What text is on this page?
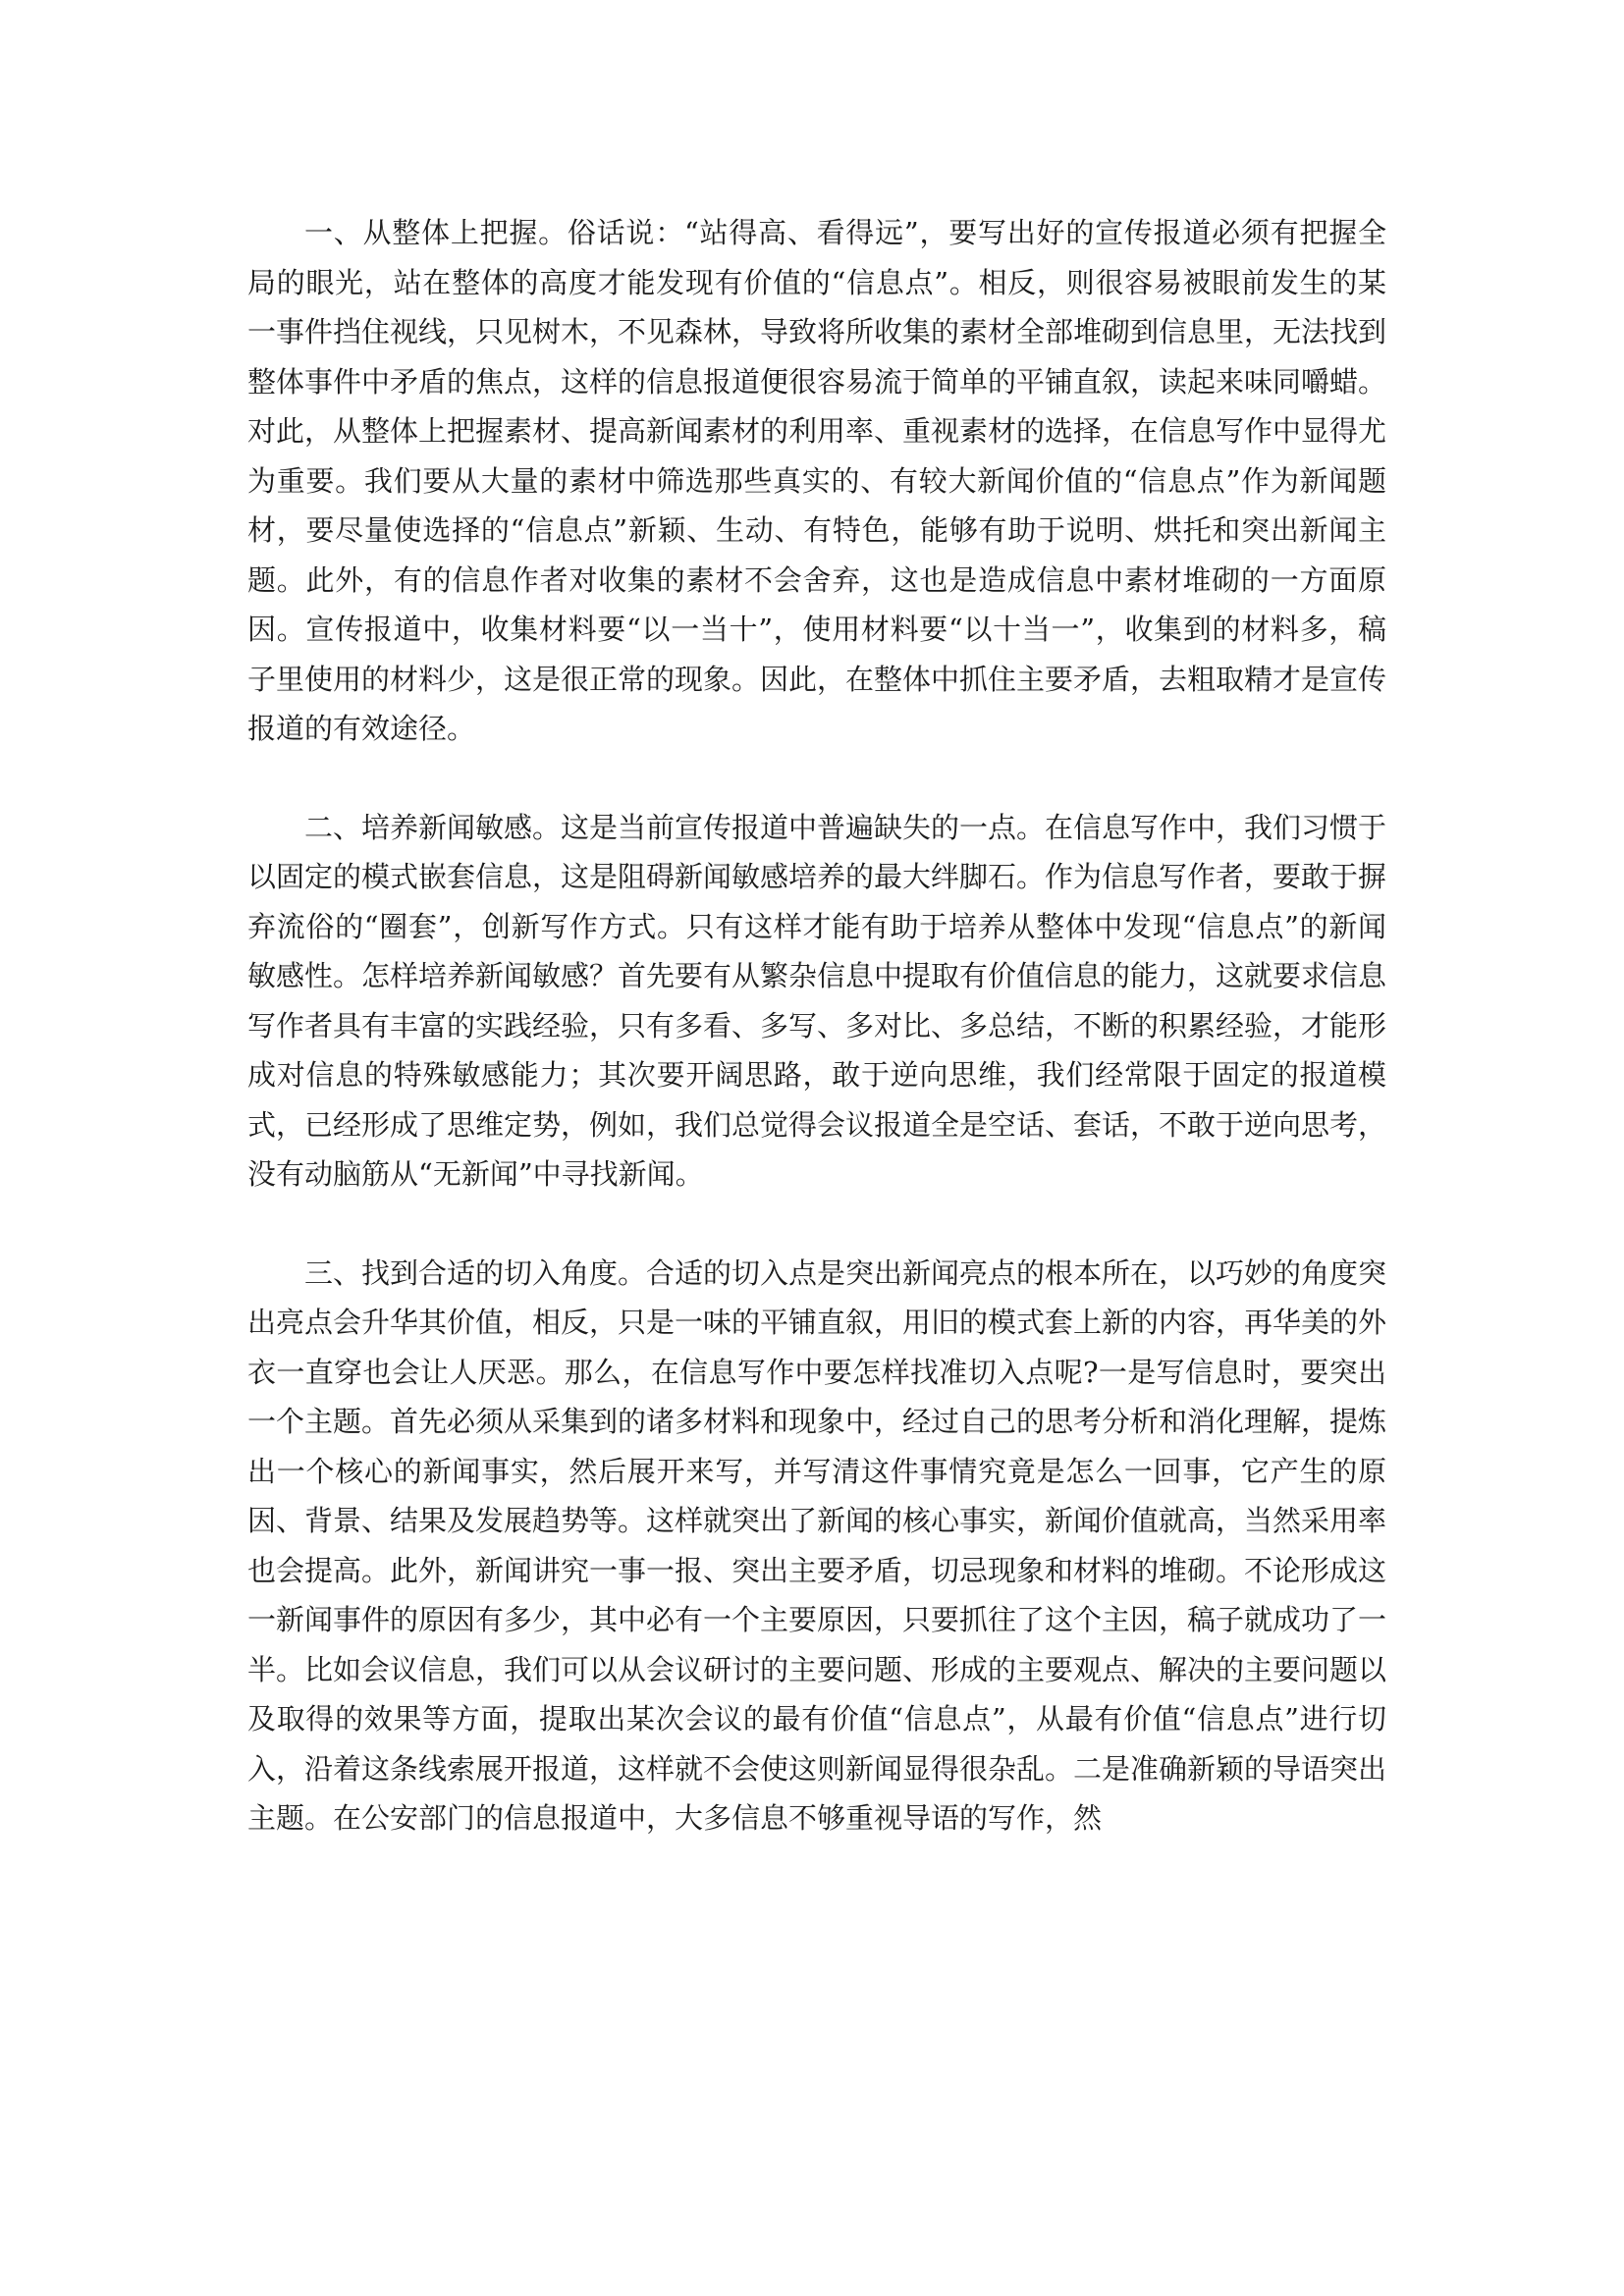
一、从整体上把握。俗话说：“站得高、看得远”，要写出好的宣传报道必须有把握全局的眼光，站在整体的高度才能发现有价值的“信息点”。相反，则很容易被眼前发生的某一事件挡住视线，只见树木，不见森林，导致将所收集的素材全部堆砌到信息里，无法找到整体事件中矛盾的焦点，这样的信息报道便很容易流于简单的平铺直叙，读起来味同嚼蜡。对此，从整体上把握素材、提高新闻素材的利用率、重视素材的选择，在信息写作中显得尤为重要。我们要从大量的素材中筛选那些真实的、有较大新闻价值的“信息点”作为新闻题材，要尽量使选择的“信息点”新颖、生动、有特色，能够有助于说明、烘托和突出新闻主题。此外，有的信息作者对收集的素材不会舍弃，这也是造成信息中素材堆砌的一方面原因。宣传报道中，收集材料要“以一当十”，使用材料要“以十当一”，收集到的材料多，稿子里使用的材料少，这是很正常的现象。因此，在整体中抓住主要矛盾，去粗取精才是宣传报道的有效途径。

二、培养新闻敏感。这是当前宣传报道中普遍缺失的一点。在信息写作中，我们习惯于以固定的模式嵌套信息，这是阻碍新闻敏感培养的最大绊脚石。作为信息写作者，要敢于摒弃流俗的“圈套”，创新写作方式。只有这样才能有助于培养从整体中发现“信息点”的新闻敏感性。怎样培养新闻敏感？首先要有从繁杂信息中提取有价值信息的能力，这就要求信息写作者具有丰富的实践经验，只有多看、多写、多对比、多总结，不断的积累经验，才能形成对信息的特殊敏感能力；其次要开阔思路，敢于逆向思维，我们经常限于固定的报道模式，已经形成了思维定势，例如，我们总觉得会议报道全是空话、套话，不敢于逆向思考，没有动脑筋从“无新闻”中寻找新闻。

三、找到合适的切入角度。合适的切入点是突出新闻亮点的根本所在，以巧妙的角度突出亮点会升华其价值，相反，只是一味的平铺直叙，用旧的模式套上新的内容，再华美的外衣一直穿也会让人厌恶。那么，在信息写作中要怎样找准切入点呢?一是写信息时，要突出一个主题。首先必须从采集到的诸多材料和现象中，经过自己的思考分析和消化理解，提炼出一个核心的新闻事实，然后展开来写，并写清这件事情究竟是怎么一回事，它产生的原因、背景、结果及发展趋势等。这样就突出了新闻的核心事实，新闻价值就高，当然采用率也会提高。此外，新闻讲究一事一报、突出主要矛盾，切忌现象和材料的堆砌。不论形成这一新闻事件的原因有多少，其中必有一个主要原因，只要抓往了这个主因，稿子就成功了一半。比如会议信息，我们可以从会议研讨的主要问题、形成的主要观点、解决的主要问题以及取得的效果等方面，提取出某次会议的最有价值“信息点”，从最有价值“信息点”进行切入，沿着这条线索展开报道，这样就不会使这则新闻显得很杂乱。二是准确新颖的导语突出主题。在公安部门的信息报道中，大多信息不够重视导语的写作，然
